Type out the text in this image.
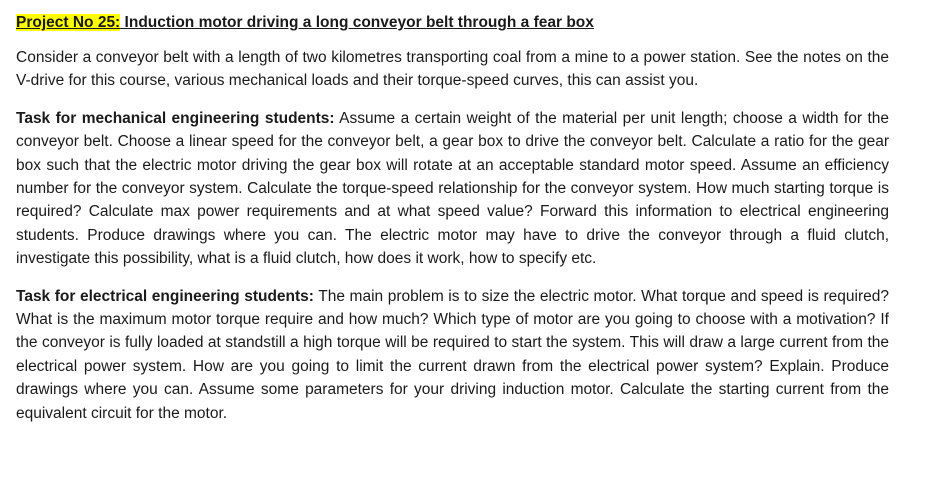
Project No 25: Induction motor driving a long conveyor belt through a fear box

Consider a conveyor belt with a length of two kilometres transporting coal from a mine to a power station. See the notes on the V-drive for this course, various mechanical loads and their torque-speed curves, this can assist you.

Task for mechanical engineering students: Assume a certain weight of the material per unit length; choose a width for the conveyor belt. Choose a linear speed for the conveyor belt, a gear box to drive the conveyor belt. Calculate a ratio for the gear box such that the electric motor driving the gear box will rotate at an acceptable standard motor speed. Assume an efficiency number for the conveyor system. Calculate the torque-speed relationship for the conveyor system. How much starting torque is required? Calculate max power requirements and at what speed value? Forward this information to electrical engineering students. Produce drawings where you can. The electric motor may have to drive the conveyor through a fluid clutch, investigate this possibility, what is a fluid clutch, how does it work, how to specify etc.

Task for electrical engineering students: The main problem is to size the electric motor. What torque and speed is required? What is the maximum motor torque require and how much? Which type of motor are you going to choose with a motivation? If the conveyor is fully loaded at standstill a high torque will be required to start the system. This will draw a large current from the electrical power system. How are you going to limit the current drawn from the electrical power system? Explain. Produce drawings where you can. Assume some parameters for your driving induction motor. Calculate the starting current from the equivalent circuit for the motor.
